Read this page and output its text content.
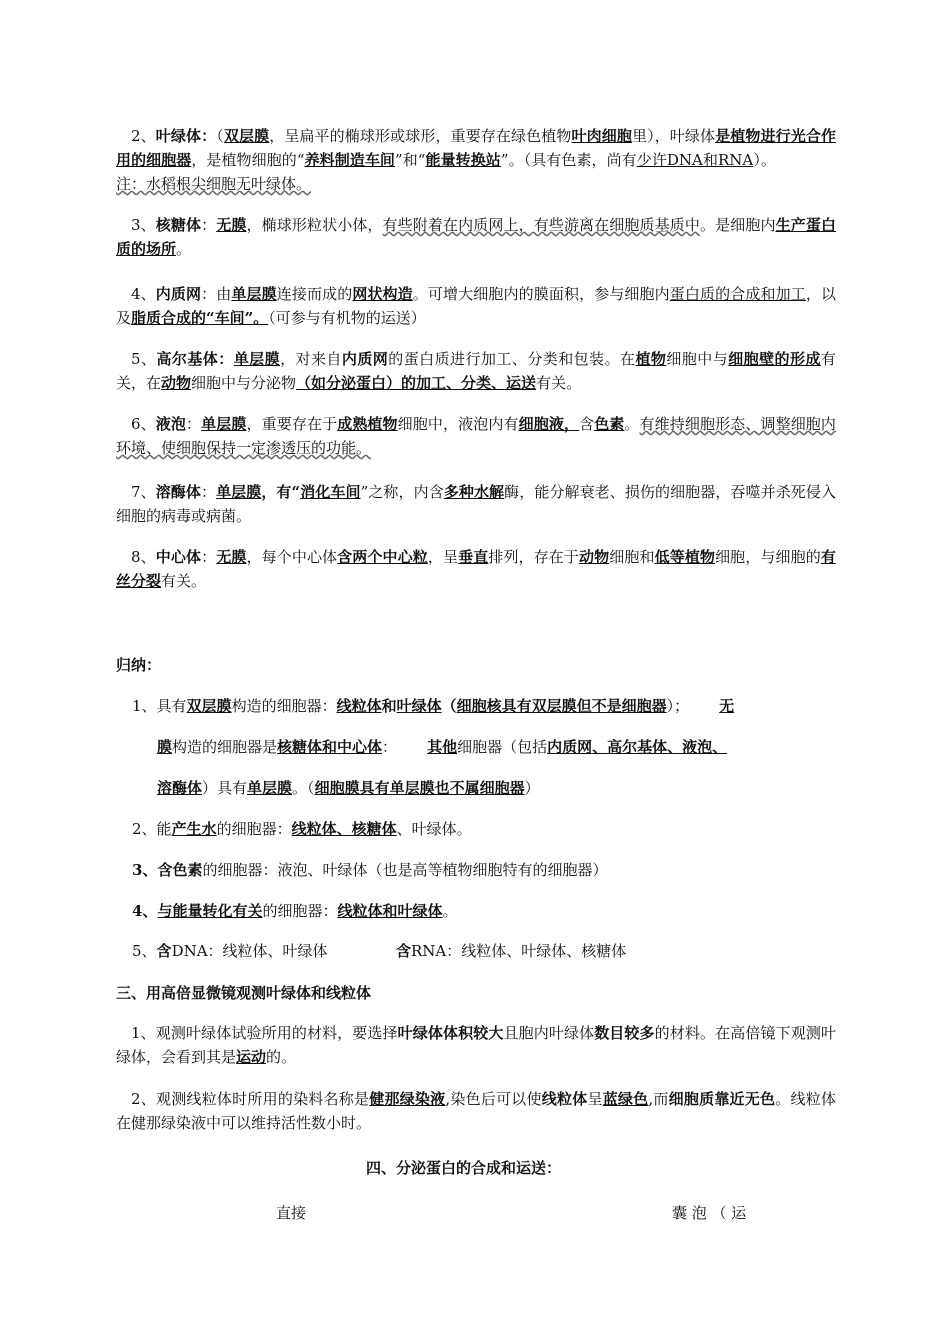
 2、叶绿体：（双层膜，呈扁平的椭球形或球形，重要存在绿色植物叶肉细胞里），叶绿体是植物进行光合作用的细胞器，是植物细胞的“养料制造车间”和“能量转换站”。（具有色素，尚有少许DNA和RNA）。    注：水稻根尖细胞无叶绿体。

 3、核糖体：无膜，椭球形粒状小体，有些附着在内质网上，有些游离在细胞质基质中。是细胞内生产蛋白质的场所。

 4、内质网：由单层膜连接而成的网状构造。可增大细胞内的膜面积，参与细胞内蛋白质的合成和加工，以及脂质合成的“车间”。（可参与有机物的运送）

 5、高尔基体：单层膜，对来自内质网的蛋白质进行加工、分类和包装。在植物细胞中与细胞壁的形成有关，在动物细胞中与分泌物（如分泌蛋白）的加工、分类、运送有关。

 6、液泡：单层膜，重要存在于成熟植物细胞中，液泡内有细胞液，含色素。有维持细胞形态、调整细胞内环境、使细胞保持一定渗透压的功能。

 7、溶酶体：单层膜，有“消化车间”之称，内含多种水解酶，能分解衰老、损伤的细胞器，吞噬并杀死侵入细胞的病毒或病菌。

 8、中心体：无膜，每个中心体含两个中心粒，呈垂直排列，存在于动物细胞和低等植物细胞，与细胞的有丝分裂有关。

归纳：

1、具有双层膜构造的细胞器：线粒体和叶绿体（细胞核具有双层膜但不是细胞器）；   无 

膜构造的细胞器是核糖体和中心体：   其他细胞器（包括内质网、高尔基体、液泡、

溶酶体）具有单层膜。（细胞膜具有单层膜也不属细胞器）

2、能产生水的细胞器：线粒体、核糖体、叶绿体。

3、含色素的细胞器：液泡、叶绿体（也是高等植物细胞特有的细胞器）

4、与能量转化有关的细胞器：线粒体和叶绿体。

5、含DNA：线粒体、叶绿体	含RNA：线粒体、叶绿体、核糖体

三、用高倍显微镜观测叶绿体和线粒体

 1、观测叶绿体试验所用的材料，要选择叶绿体体积较大且胞内叶绿体数目较多的材料。在高倍镜下观测叶绿体，会看到其是运动的。

 2、观测线粒体时所用的染料名称是健那绿染液,染色后可以使线粒体呈蓝绿色,而细胞质靠近无色。线粒体在健那绿染液中可以维持活性数小时。

四、分泌蛋白的合成和运送：

直接	囊 泡 （ 运
